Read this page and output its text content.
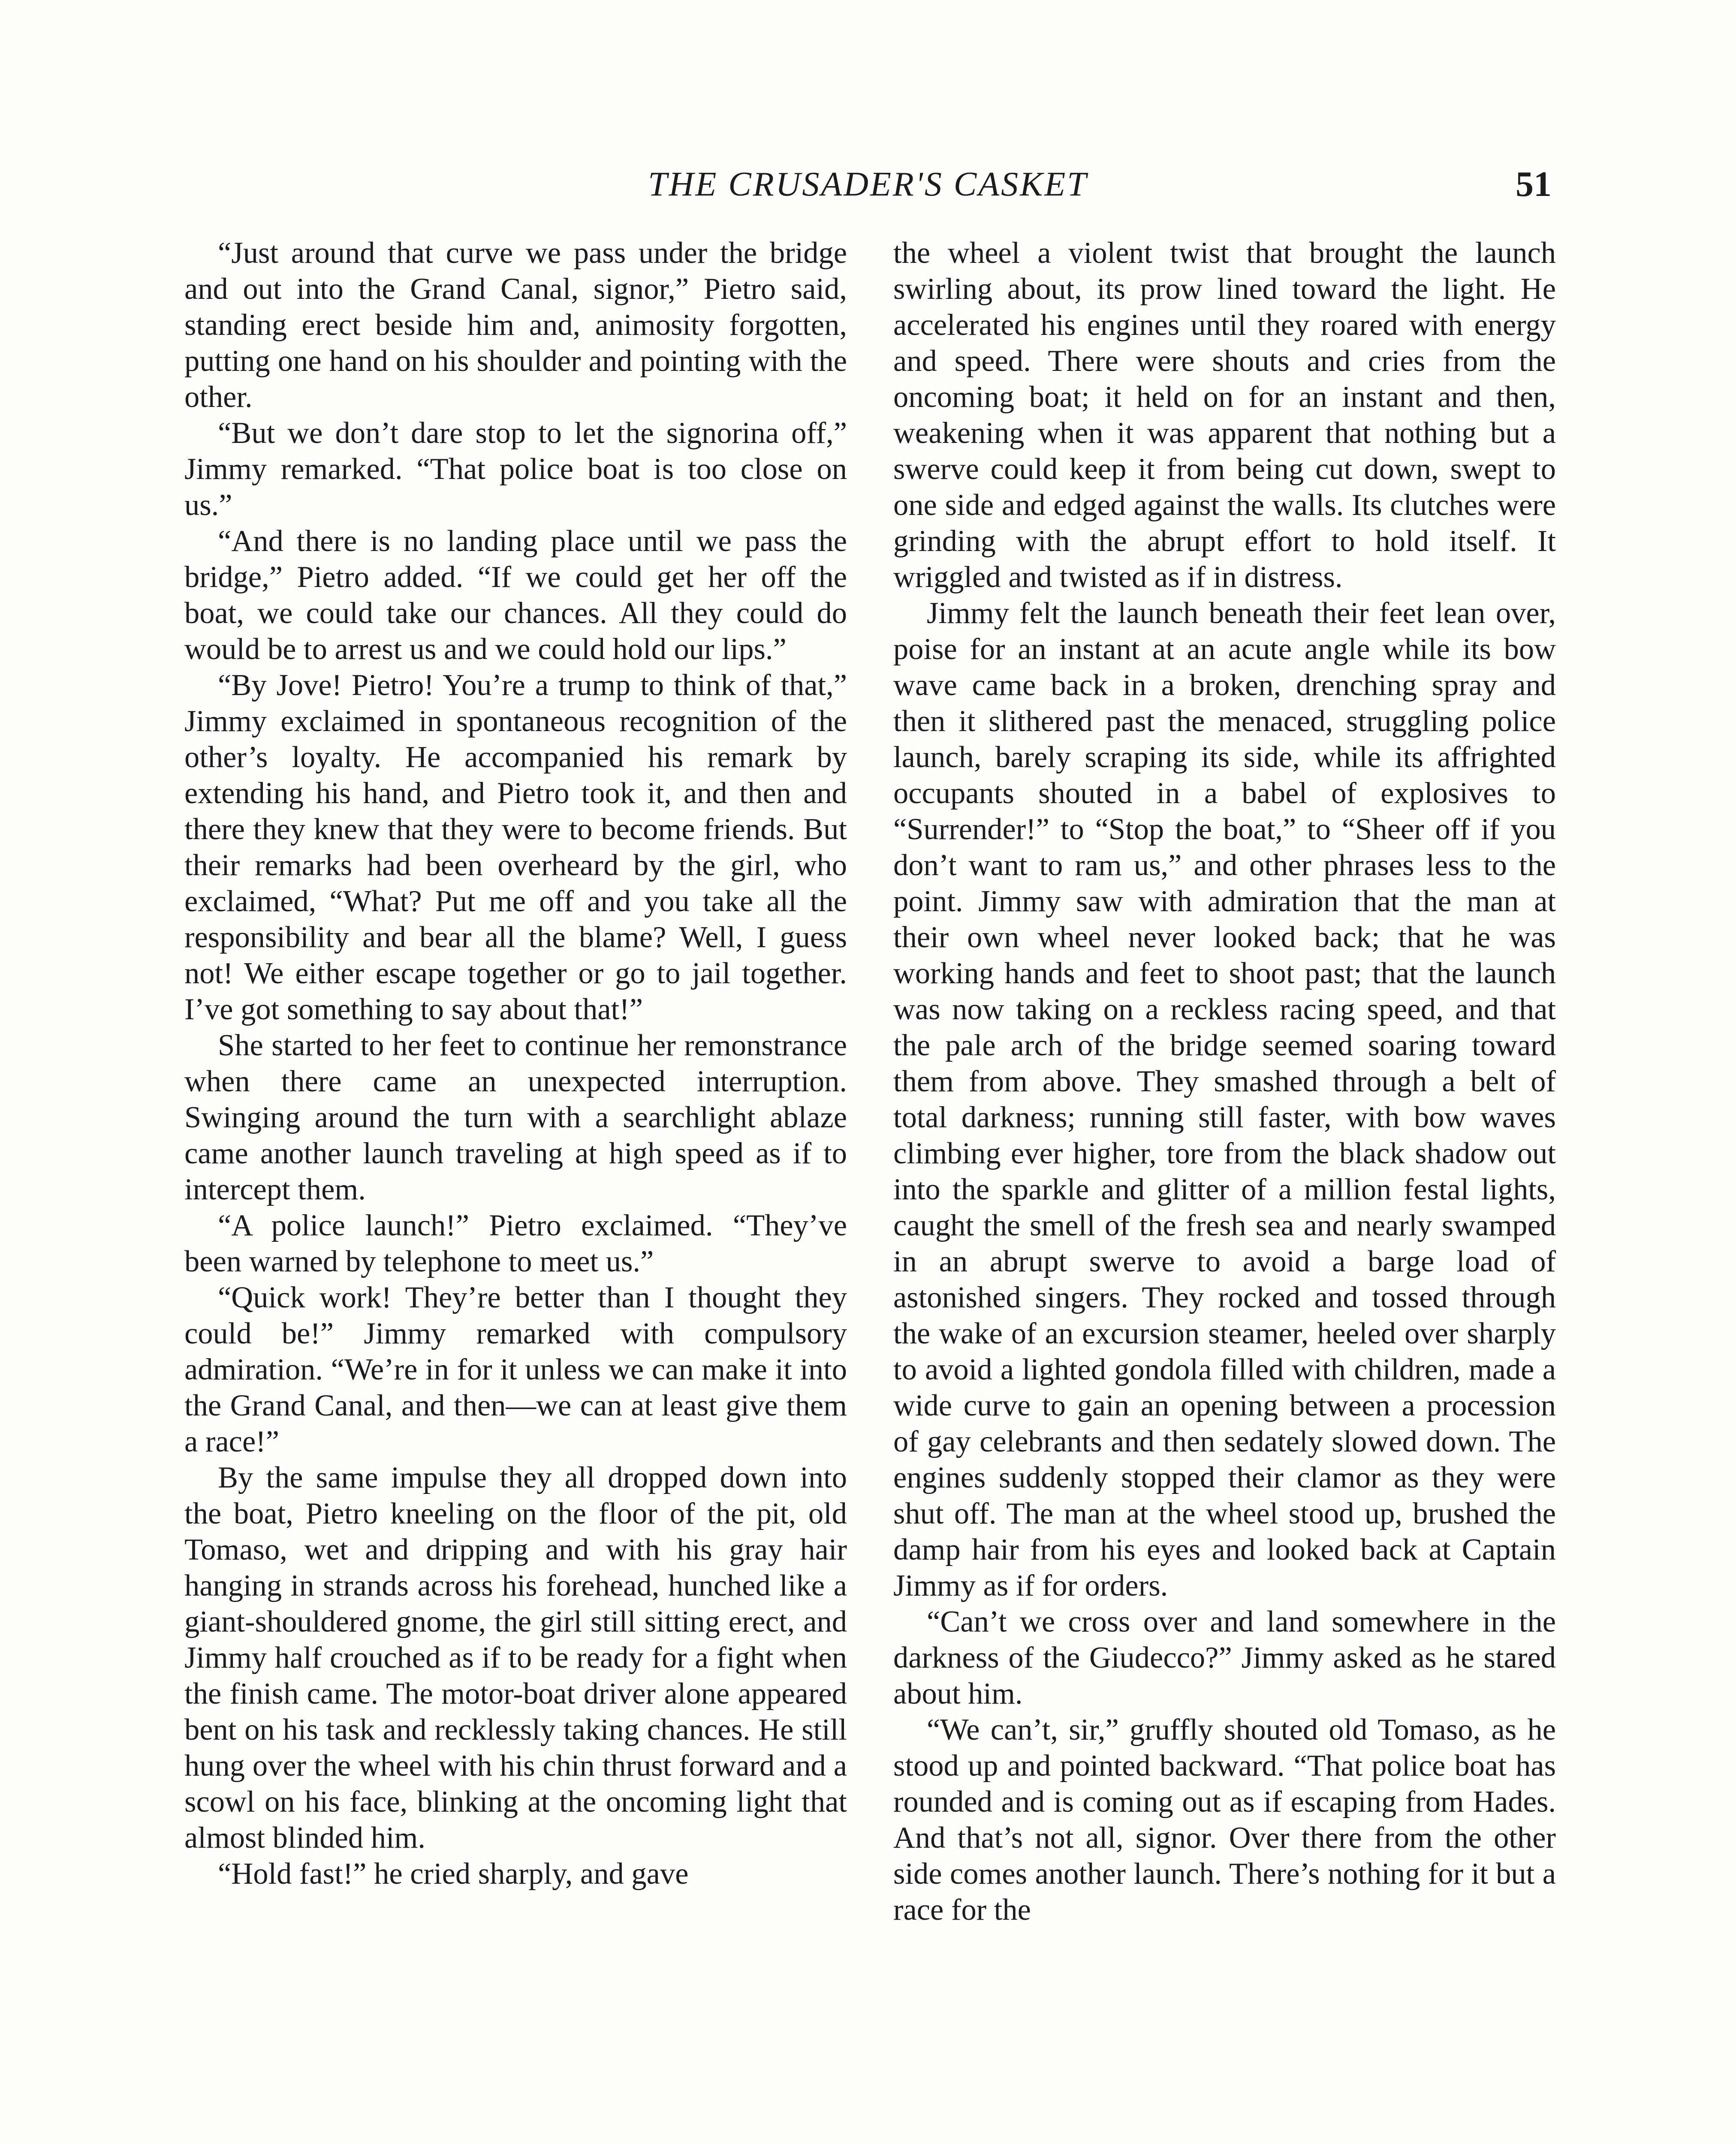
THE CRUSADER'S CASKET	51

“Just around that curve we pass under the bridge and out into the Grand Canal, signor,” Pietro said, standing erect beside him and, animosity forgotten, putting one hand on his shoulder and pointing with the other.

“But we don’t dare stop to let the signorina off,” Jimmy remarked. “That police boat is too close on us.”

“And there is no landing place until we pass the bridge,” Pietro added. “If we could get her off the boat, we could take our chances. All they could do would be to arrest us and we could hold our lips.”

“By Jove! Pietro! You’re a trump to think of that,” Jimmy exclaimed in spontaneous recognition of the other’s loyalty. He accompanied his remark by extending his hand, and Pietro took it, and then and there they knew that they were to become friends. But their remarks had been overheard by the girl, who exclaimed, “What? Put me off and you take all the responsibility and bear all the blame? Well, I guess not! We either escape together or go to jail together. I’ve got something to say about that!”

She started to her feet to continue her remonstrance when there came an unexpected interruption. Swinging around the turn with a searchlight ablaze came another launch traveling at high speed as if to intercept them.

“A police launch!” Pietro exclaimed. “They’ve been warned by telephone to meet us.”

“Quick work! They’re better than I thought they could be!” Jimmy remarked with compulsory admiration. “We’re in for it unless we can make it into the Grand Canal, and then—we can at least give them a race!”

By the same impulse they all dropped down into the boat, Pietro kneeling on the floor of the pit, old Tomaso, wet and dripping and with his gray hair hanging in strands across his forehead, hunched like a giant-shouldered gnome, the girl still sitting erect, and Jimmy half crouched as if to be ready for a fight when the finish came. The motor-boat driver alone appeared bent on his task and recklessly taking chances. He still hung over the wheel with his chin thrust forward and a scowl on his face, blinking at the oncoming light that almost blinded him.

“Hold fast!” he cried sharply, and gave

the wheel a violent twist that brought the launch swirling about, its prow lined toward the light. He accelerated his engines until they roared with energy and speed. There were shouts and cries from the oncoming boat; it held on for an instant and then, weakening when it was apparent that nothing but a swerve could keep it from being cut down, swept to one side and edged against the walls. Its clutches were grinding with the abrupt effort to hold itself. It wriggled and twisted as if in distress.

Jimmy felt the launch beneath their feet lean over, poise for an instant at an acute angle while its bow wave came back in a broken, drenching spray and then it slithered past the menaced, struggling police launch, barely scraping its side, while its affrighted occupants shouted in a babel of explosives to “Surrender!” to “Stop the boat,” to “Sheer off if you don’t want to ram us,” and other phrases less to the point. Jimmy saw with admiration that the man at their own wheel never looked back; that he was working hands and feet to shoot past; that the launch was now taking on a reckless racing speed, and that the pale arch of the bridge seemed soaring toward them from above. They smashed through a belt of total darkness; running still faster, with bow waves climbing ever higher, tore from the black shadow out into the sparkle and glitter of a million festal lights, caught the smell of the fresh sea and nearly swamped in an abrupt swerve to avoid a barge load of astonished singers. They rocked and tossed through the wake of an excursion steamer, heeled over sharply to avoid a lighted gondola filled with children, made a wide curve to gain an opening between a procession of gay celebrants and then sedately slowed down. The engines suddenly stopped their clamor as they were shut off. The man at the wheel stood up, brushed the damp hair from his eyes and looked back at Captain Jimmy as if for orders.

“Can’t we cross over and land somewhere in the darkness of the Giudecco?” Jimmy asked as he stared about him.

“We can’t, sir,” gruffly shouted old Tomaso, as he stood up and pointed backward. “That police boat has rounded and is coming out as if escaping from Hades. And that’s not all, signor. Over there from the other side comes another launch. There’s nothing for it but a race for the
